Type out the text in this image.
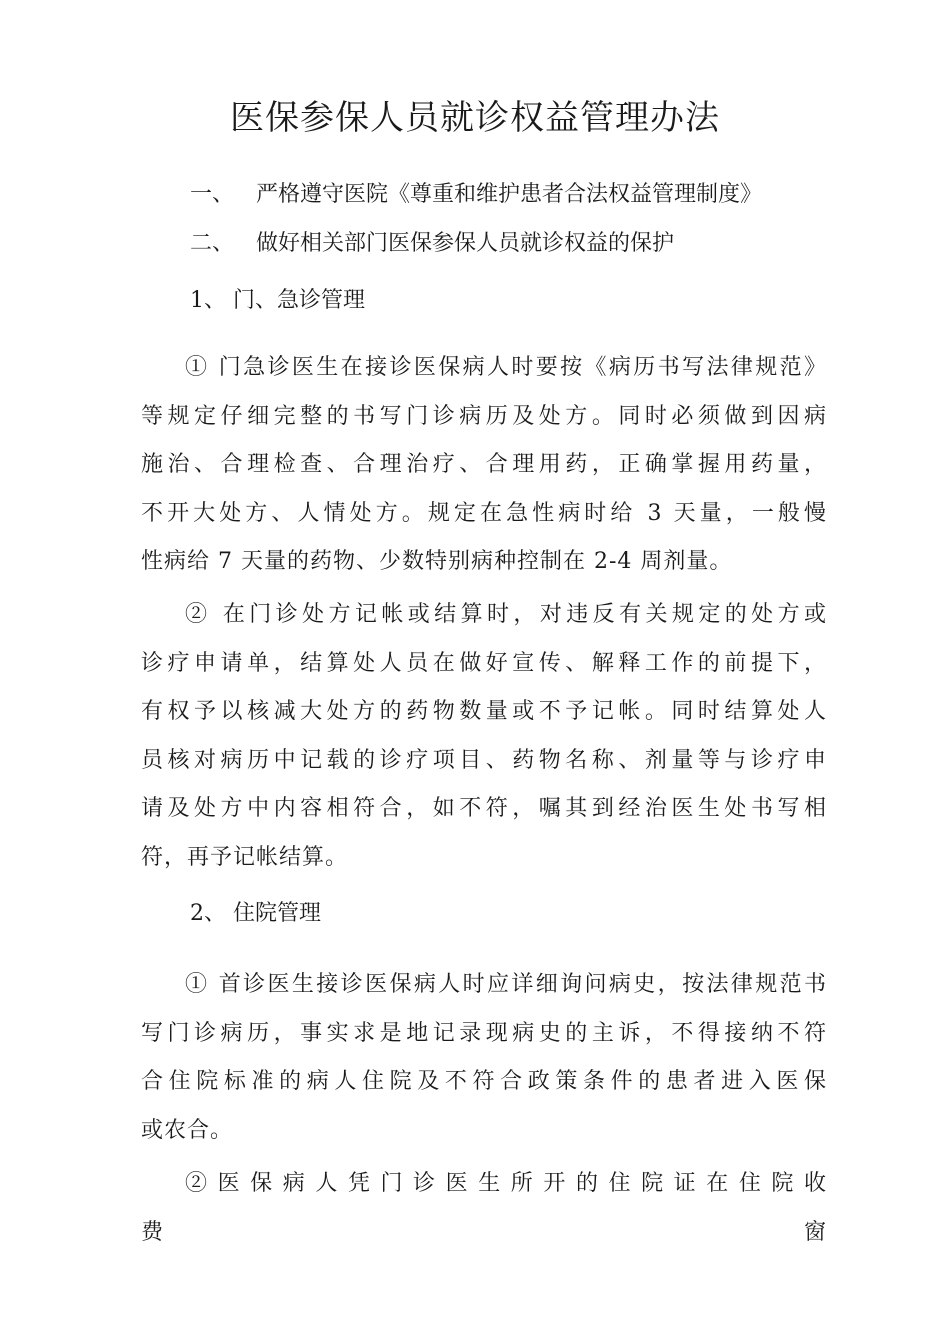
医保参保人员就诊权益管理办法
一、 严格遵守医院《尊重和维护患者合法权益管理制度》
二、 做好相关部门医保参保人员就诊权益的保护
1、 门、急诊管理
① 门急诊医生在接诊医保病人时要按《病历书写法律规范》
等规定仔细完整的书写门诊病历及处方。同时必须做到因病
施治、合理检查、合理治疗、合理用药，正确掌握用药量，
不开大处方、人情处方。规定在急性病时给 3 天量，一般慢
性病给 7 天量的药物、少数特别病种控制在 2-4 周剂量。
② 在门诊处方记帐或结算时，对违反有关规定的处方或
诊疗申请单，结算处人员在做好宣传、解释工作的前提下，
有权予以核减大处方的药物数量或不予记帐。同时结算处人
员核对病历中记载的诊疗项目、药物名称、剂量等与诊疗申
请及处方中内容相符合，如不符，嘱其到经治医生处书写相
符，再予记帐结算。
2、 住院管理
① 首诊医生接诊医保病人时应详细询问病史，按法律规范书
写门诊病历，事实求是地记录现病史的主诉，不得接纳不符
合住院标准的病人住院及不符合政策条件的患者进入医保
或农合。
② 医 保 病 人 凭 门 诊 医 生 所 开 的 住 院 证 在 住 院 收 费 窗
